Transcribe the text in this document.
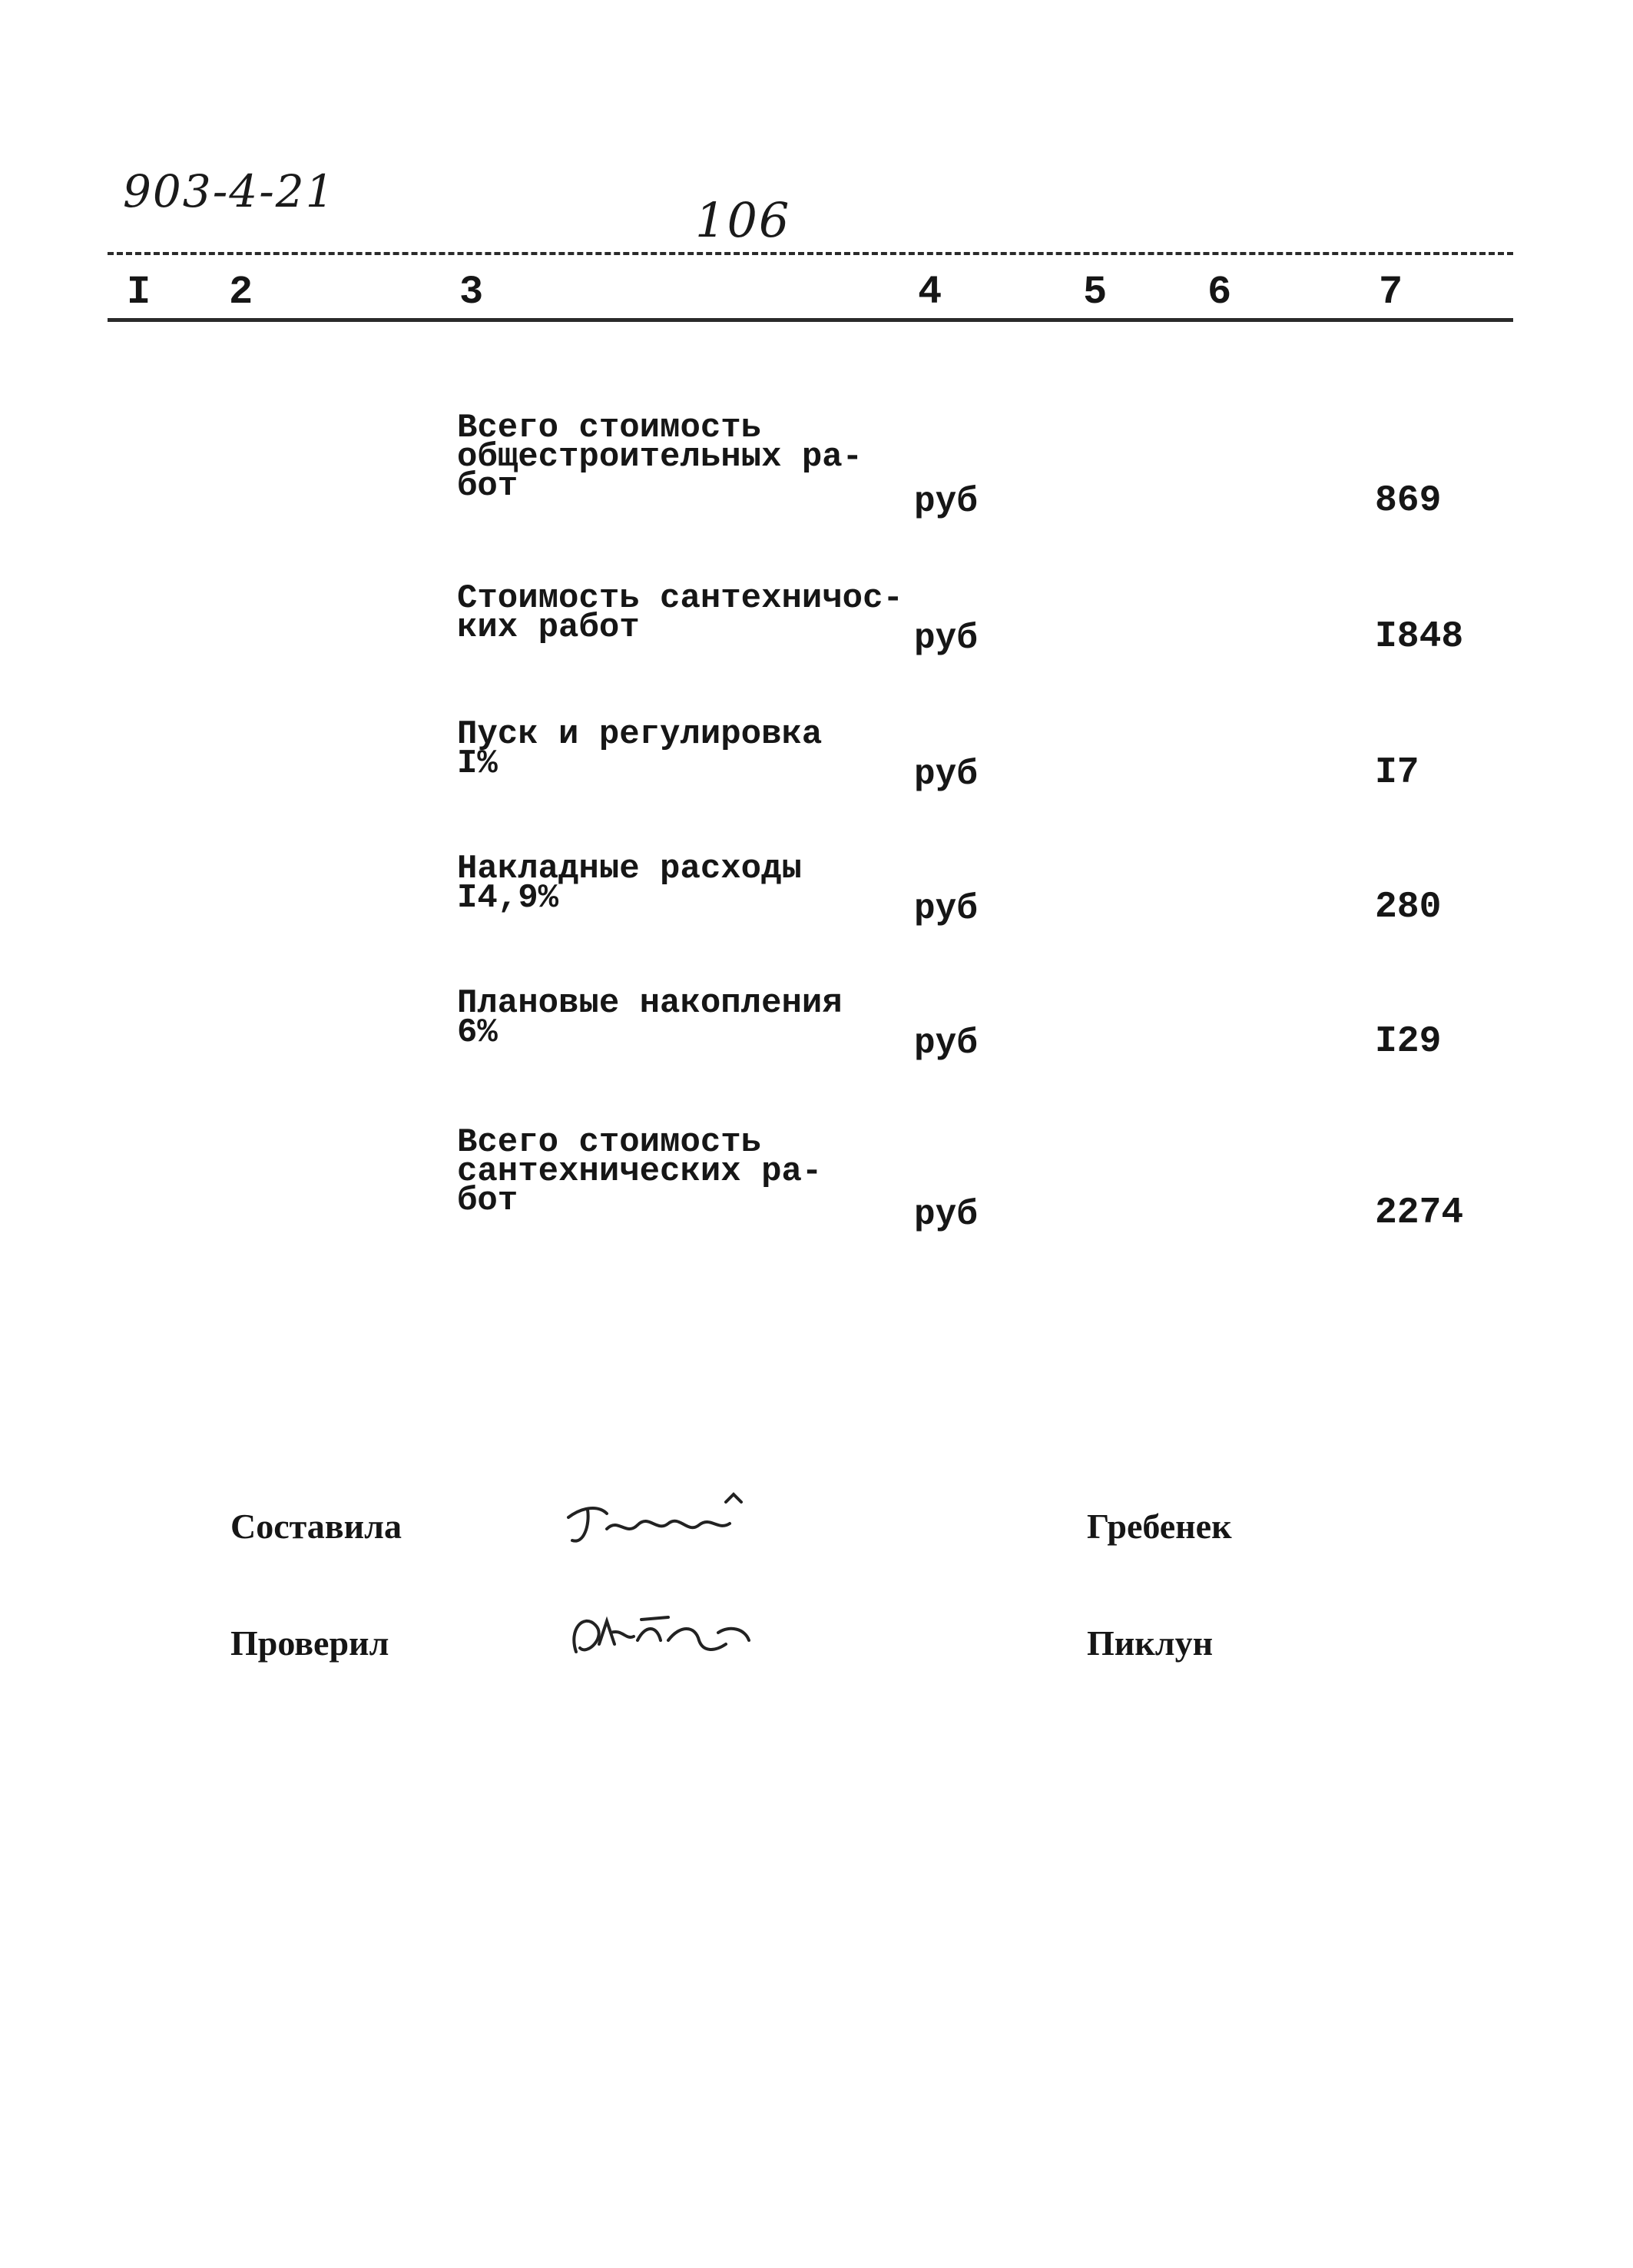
903-4-21
106
I 2	3	4	5	6	7
Всего стоимость
общестроительных ра-
бот	руб	869
Стоимость сантехничос-
ких работ	руб	I848
Пуск и регулировка
I%	руб	I7
Накладные расходы
I4,9%	руб	280
Плановые накопления
6%	руб	I29
Всего стоимость
сантехнических ра-
бот	руб	2274
Составила	Гребенек
Проверил	Пиклун
